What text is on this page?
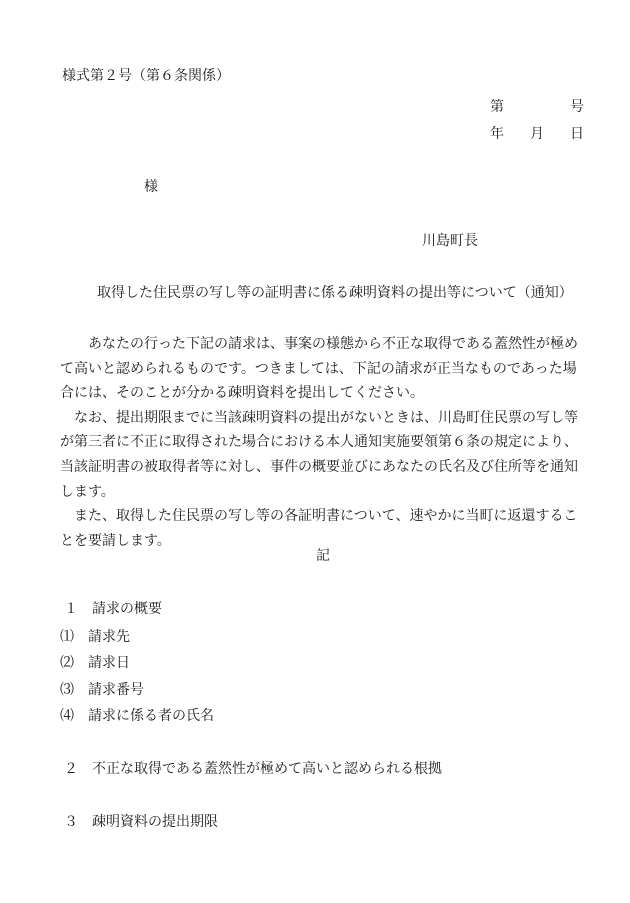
様式第２号（第６条関係）
第	号
年 月 日
様
川島町長
取得した住民票の写し等の証明書に係る疎明資料の提出等について（通知）

あなたの行った下記の請求は、事案の様態から不正な取得である蓋然性が極めて高いと認められるものです。つきましては、下記の請求が正当なものであった場合には、そのことが分かる疎明資料を提出してください。

なお、提出期限までに当該疎明資料の提出がないときは、川島町住民票の写し等が第三者に不正に取得された場合における本人通知実施要領第６条の規定により、当該証明書の被取得者等に対し、事件の概要並びにあなたの氏名及び住所等を通知します。

また、取得した住民票の写し等の各証明書について、速やかに当町に返還することを要請します。

記
１ 請求の概要
⑴ 請求先
⑵ 請求日
⑶ 請求番号
⑷ 請求に係る者の氏名
２ 不正な取得である蓋然性が極めて高いと認められる根拠
３ 疎明資料の提出期限
